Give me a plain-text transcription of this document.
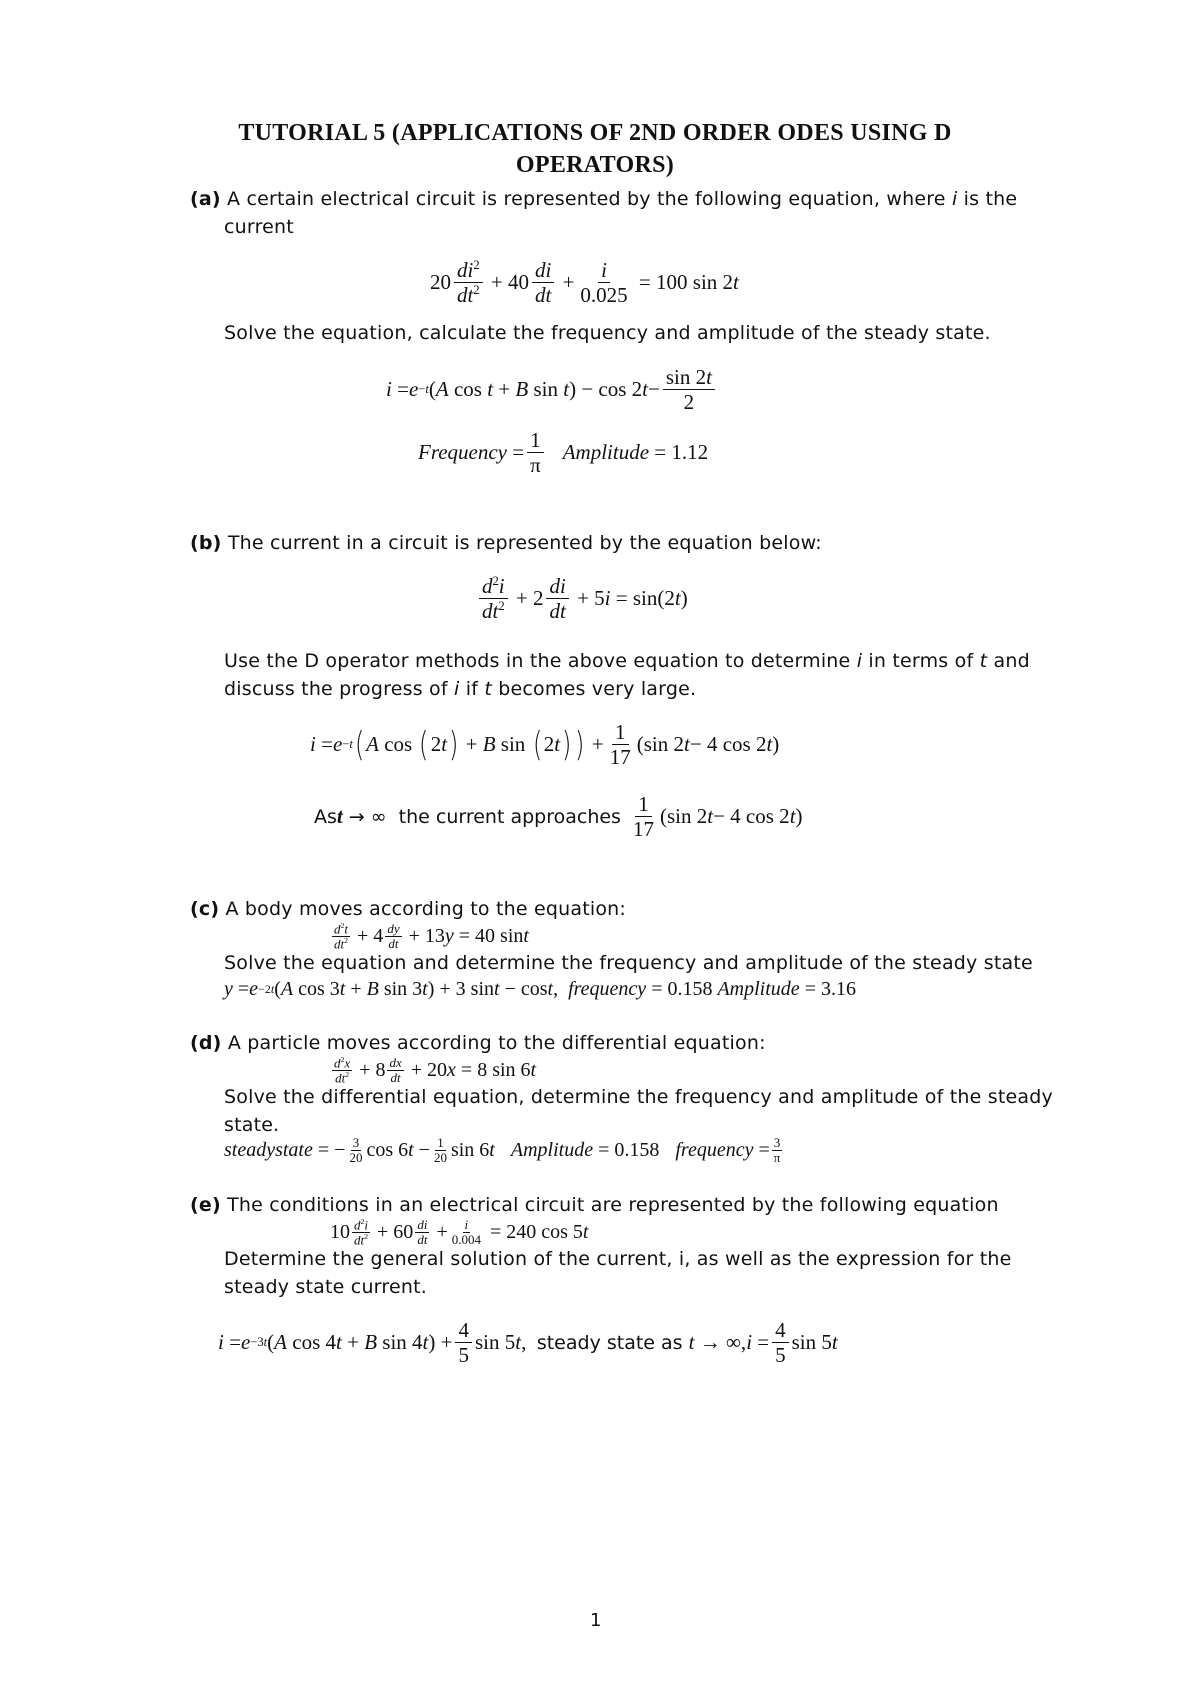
TUTORIAL 5 (APPLICATIONS OF 2ND ORDER ODES USING D
OPERATORS)
(a) A certain electrical circuit is represented by the following equation, where i is the
current
$20 \frac{di^2}{dt^2} + 40 \frac{di}{dt} + \frac{i}{0.025} = 100$ sin 2 t
Solve the equation, calculate the frequency and amplitude of the steady state.
i = e −t ( A cos t + B sin t ) − cos 2 $t - \frac{\sin 2t}{2}$
Frequency = $\frac{1}{\pi}$ Amplitude
= 1.12
(b) The current in a circuit is represented by the equation below:
$\frac{d^2i}{dt^2} + 2 \frac{di}{dt} + 5$ i = sin(2 t )
Use the D operator methods in the above equation to determine i in terms of t and
discuss the progress of i if t becomes very large.
i = e −t ( A cos ( 2 t ) + B sin ( 2 t ) ) + $\frac{1}{17} (\sin$ 2 t − 4 cos 2 t )
As t → ∞  the current approaches $\frac{1}{17} (\sin$ 2 t − 4 cos 2 t )
(c) A body moves according to the equation:
$\frac{d^2t}{dt^2} + 4 \frac{dy}{dt} + 13$ y = 40 sin t
Solve the equation and determine the frequency and amplitude of the steady state
y = e −2t ( A cos 3 t + B sin 3 t ) + 3 sin t − cos t , frequency = 0.158 Amplitude = 3.16
(d) A particle moves according to the differential equation:
$\frac{d^2x}{dt^2} + 8 \frac{dx}{dt} + 20$ x = 8 sin 6 t
Solve the differential equation, determine the frequency and amplitude of the steady
state.
steadystate = − $\frac{3}{20}$ cos 6 $t - \frac{1}{20}$ sin 6 t Amplitude = 0.158 frequency = $\frac{3}{\pi}$
(e) The conditions in an electrical circuit are represented by the following equation
$10 \frac{d^2i}{dt^2} + 60 \frac{di}{dt} + \frac{i}{0.004} = 240$ cos 5 t
Determine the general solution of the current, i, as well as the expression for the
steady state current.
i = e −3t ( A cos 4 t + B sin 4 t ) + $\frac{4}{5}$ sin 5 t , steady state as t → ∞, $i = \frac{4}{5}$ sin 5 t
1
